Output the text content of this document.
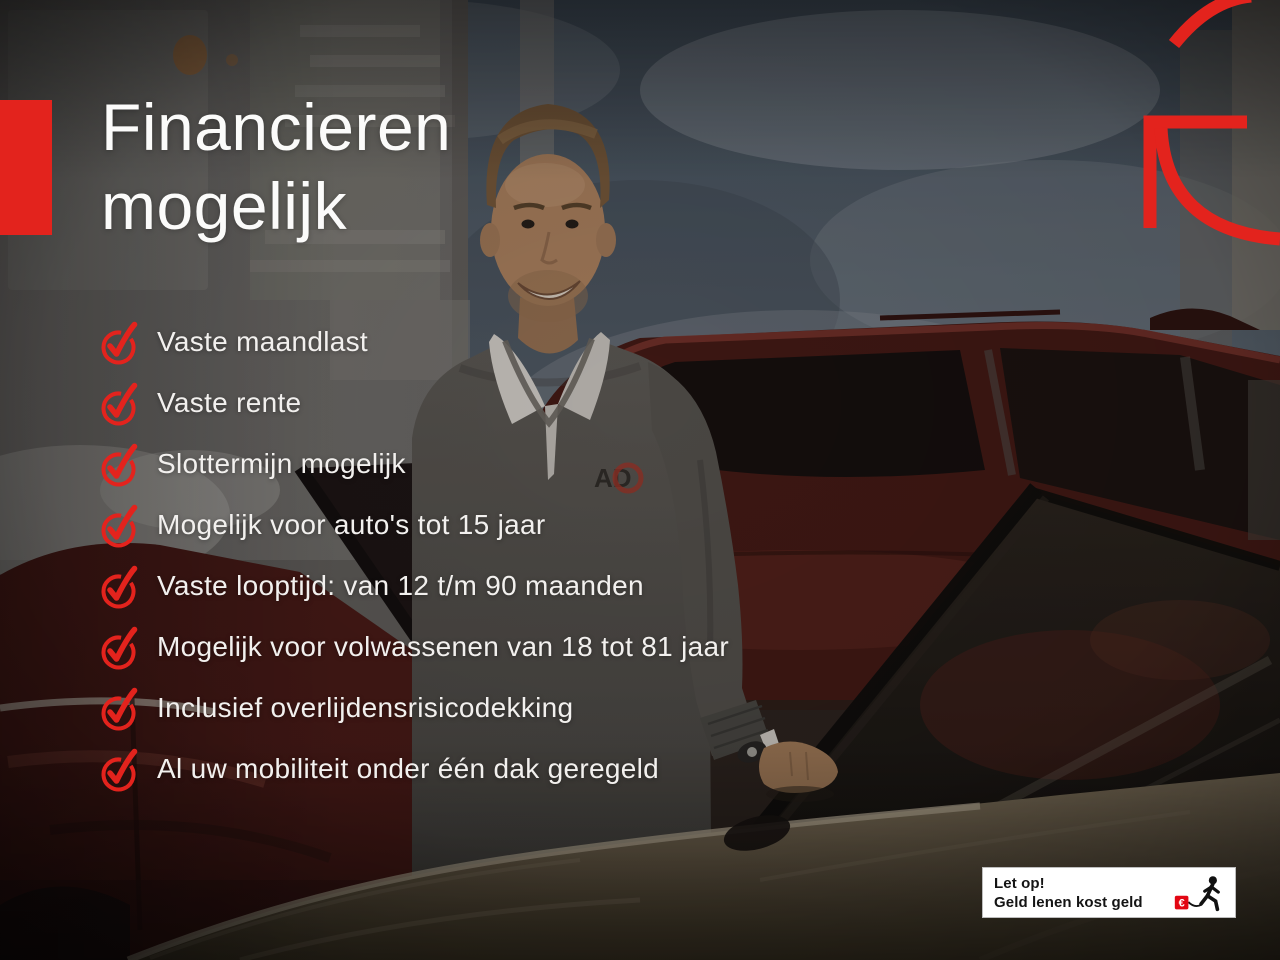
Financieren
mogelijk
Vaste maandlast
Vaste rente
Slottermijn mogelijk
Mogelijk voor auto's tot 15 jaar
Vaste looptijd: van 12 t/m 90 maanden
Mogelijk voor volwassenen van 18 tot 81 jaar
Inclusief overlijdensrisicodekking
Al uw mobiliteit onder één dak geregeld
Let op!
Geld lenen kost geld	€
